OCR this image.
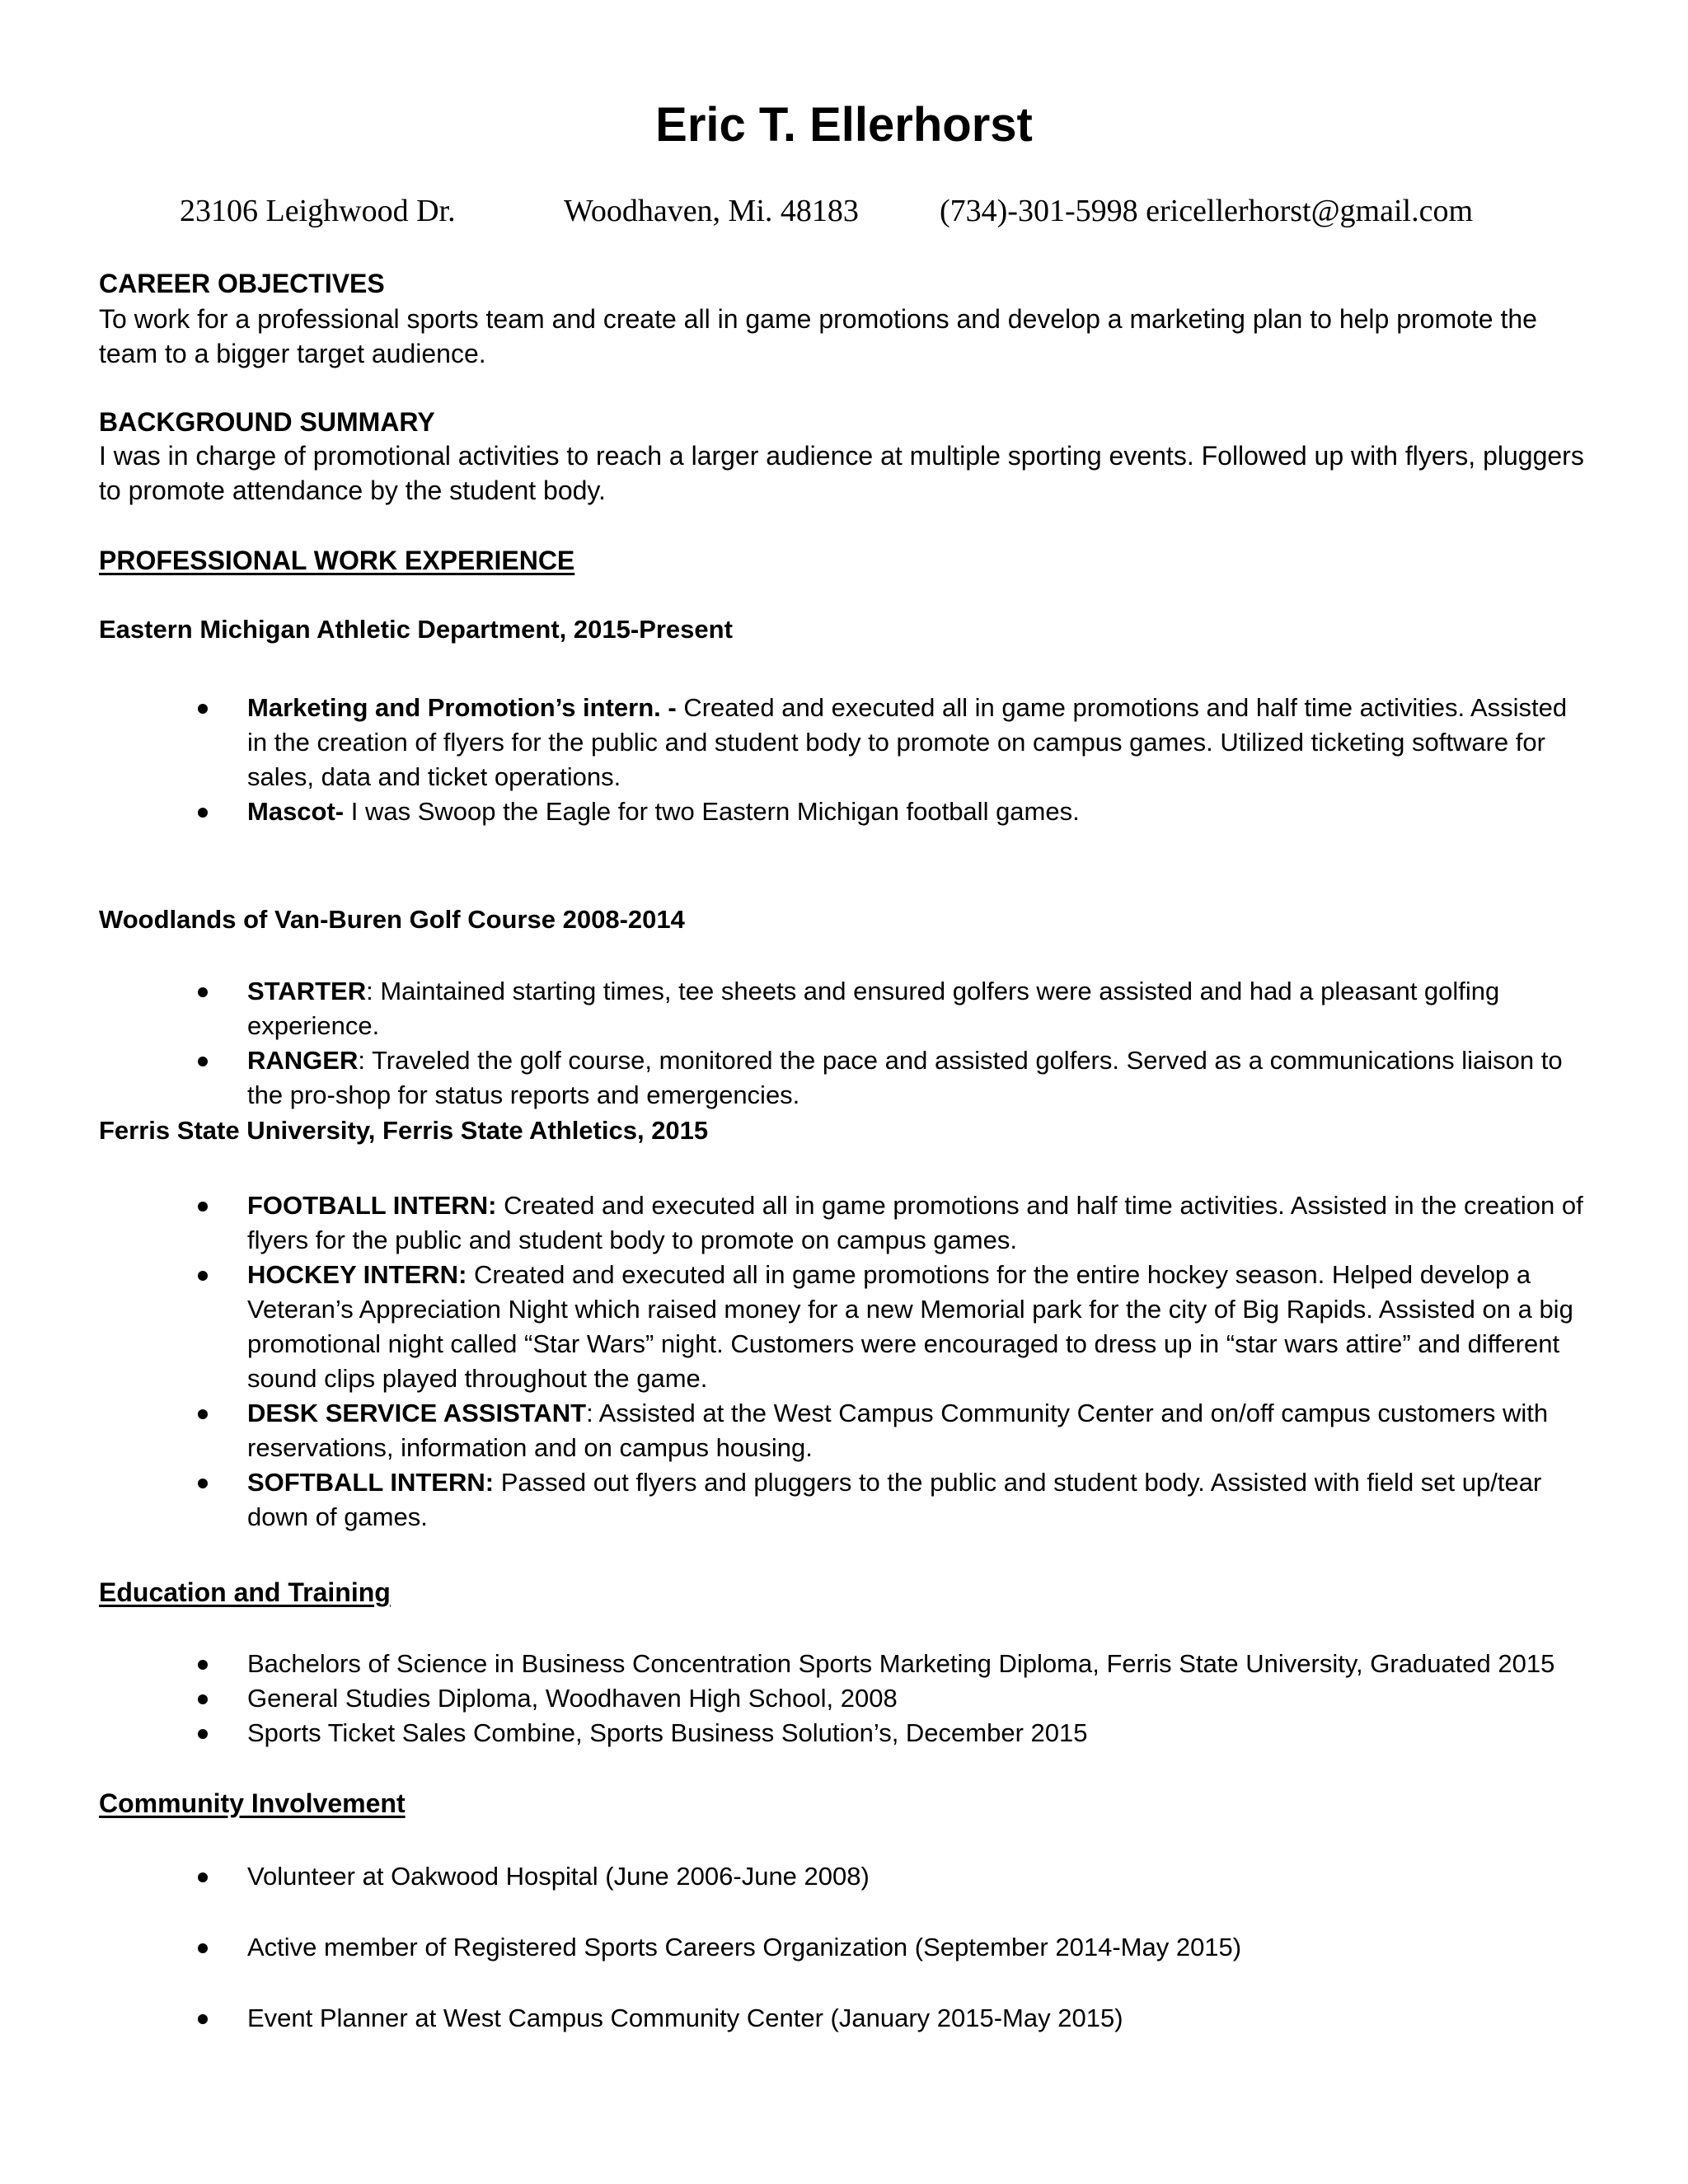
Eric T. Ellerhorst
23106 Leighwood Dr.	Woodhaven, Mi. 48183	(734)-301-5998 ericellerhorst@gmail.com
CAREER OBJECTIVES
To work for a professional sports team and create all in game promotions and develop a marketing plan to help promote the team to a bigger target audience.
BACKGROUND SUMMARY
I was in charge of promotional activities to reach a larger audience at multiple sporting events. Followed up with flyers, pluggers to promote attendance by the student body.
PROFESSIONAL WORK EXPERIENCE
Eastern Michigan Athletic Department, 2015-Present
Marketing and Promotion’s intern. - Created and executed all in game promotions and half time activities. Assisted in the creation of flyers for the public and student body to promote on campus games. Utilized ticketing software for sales, data and ticket operations.
Mascot- I was Swoop the Eagle for two Eastern Michigan football games.
Woodlands of Van-Buren Golf Course 2008-2014
STARTER: Maintained starting times, tee sheets and ensured golfers were assisted and had a pleasant golfing experience.
RANGER: Traveled the golf course, monitored the pace and assisted golfers. Served as a communications liaison to the pro-shop for status reports and emergencies.
Ferris State University, Ferris State Athletics, 2015
FOOTBALL INTERN: Created and executed all in game promotions and half time activities. Assisted in the creation of flyers for the public and student body to promote on campus games.
HOCKEY INTERN: Created and executed all in game promotions for the entire hockey season. Helped develop a Veteran’s Appreciation Night which raised money for a new Memorial park for the city of Big Rapids. Assisted on a big promotional night called “Star Wars” night. Customers were encouraged to dress up in “star wars attire” and different sound clips played throughout the game.
DESK SERVICE ASSISTANT: Assisted at the West Campus Community Center and on/off campus customers with reservations, information and on campus housing.
SOFTBALL INTERN: Passed out flyers and pluggers to the public and student body. Assisted with field set up/tear down of games.
Education and Training
Bachelors of Science in Business Concentration Sports Marketing Diploma, Ferris State University, Graduated 2015
General Studies Diploma, Woodhaven High School, 2008
Sports Ticket Sales Combine, Sports Business Solution’s, December 2015
Community Involvement
Volunteer at Oakwood Hospital (June 2006-June 2008)
Active member of Registered Sports Careers Organization (September 2014-May 2015)
Event Planner at West Campus Community Center (January 2015-May 2015)
